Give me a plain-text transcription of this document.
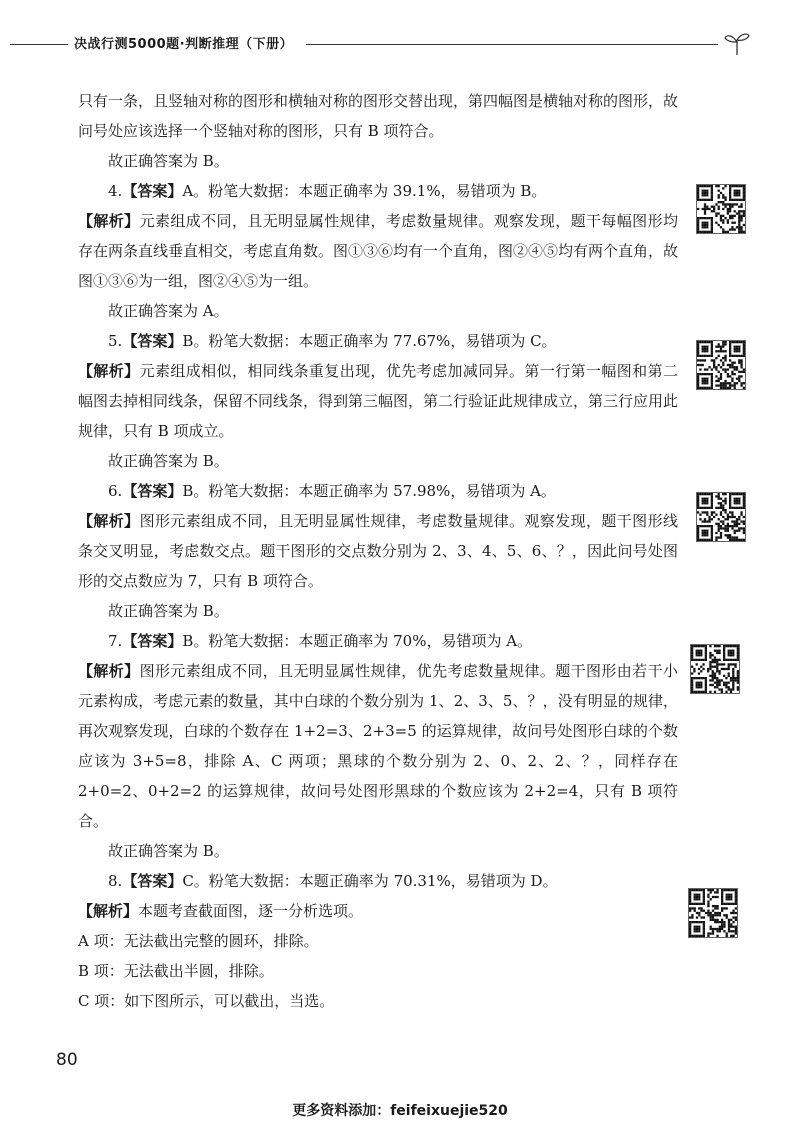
决战行测5000题·判断推理（下册）

只有一条，且竖轴对称的图形和横轴对称的图形交替出现，第四幅图是横轴对称的图形，故问号处应该选择一个竖轴对称的图形，只有 B 项符合。

故正确答案为 B。

4.【答案】A。粉笔大数据：本题正确率为 39.1%，易错项为 B。

【解析】元素组成不同，且无明显属性规律，考虑数量规律。观察发现，题干每幅图形均存在两条直线垂直相交，考虑直角数。图①③⑥均有一个直角，图②④⑤均有两个直角，故图①③⑥为一组，图②④⑤为一组。

故正确答案为 A。

5.【答案】B。粉笔大数据：本题正确率为 77.67%，易错项为 C。

【解析】元素组成相似，相同线条重复出现，优先考虑加减同异。第一行第一幅图和第二幅图去掉相同线条，保留不同线条，得到第三幅图，第二行验证此规律成立，第三行应用此规律，只有 B 项成立。

故正确答案为 B。

6.【答案】B。粉笔大数据：本题正确率为 57.98%，易错项为 A。

【解析】图形元素组成不同，且无明显属性规律，考虑数量规律。观察发现，题干图形线条交叉明显，考虑数交点。题干图形的交点数分别为 2、3、4、5、6、？，因此问号处图形的交点数应为 7，只有 B 项符合。

故正确答案为 B。

7.【答案】B。粉笔大数据：本题正确率为 70%，易错项为 A。

【解析】图形元素组成不同，且无明显属性规律，优先考虑数量规律。题干图形由若干小元素构成，考虑元素的数量，其中白球的个数分别为 1、2、3、5、？，没有明显的规律，再次观察发现，白球的个数存在 1+2=3、2+3=5 的运算规律，故问号处图形白球的个数应该为 3+5=8，排除 A、C 两项；黑球的个数分别为 2、0、2、2、？，同样存在 2+0=2、0+2=2 的运算规律，故问号处图形黑球的个数应该为 2+2=4，只有 B 项符合。

故正确答案为 B。

8.【答案】C。粉笔大数据：本题正确率为 70.31%，易错项为 D。

【解析】本题考查截面图，逐一分析选项。

A 项：无法截出完整的圆环，排除。

B 项：无法截出半圆，排除。

C 项：如下图所示，可以截出，当选。

80
更多资料添加：feifeixuejie520
